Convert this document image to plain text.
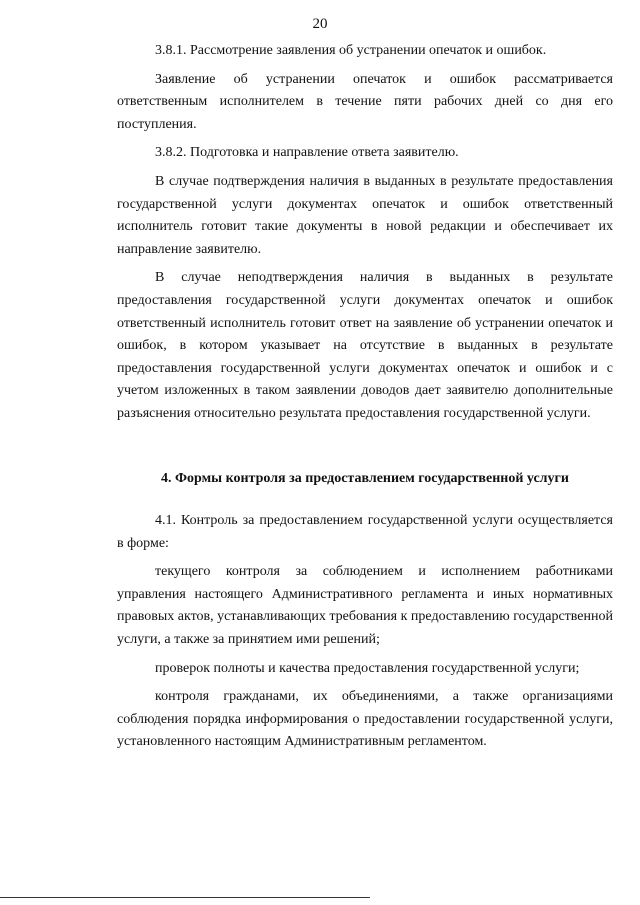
20

3.8.1. Рассмотрение заявления об устранении опечаток и ошибок.

Заявление об устранении опечаток и ошибок рассматривается ответственным исполнителем в течение пяти рабочих дней со дня его поступления.

3.8.2. Подготовка и направление ответа заявителю.

В случае подтверждения наличия в выданных в результате предоставления государственной услуги документах опечаток и ошибок ответственный исполнитель готовит такие документы в новой редакции и обеспечивает их направление заявителю.

В случае неподтверждения наличия в выданных в результате предоставления государственной услуги документах опечаток и ошибок ответственный исполнитель готовит ответ на заявление об устранении опечаток и ошибок, в котором указывает на отсутствие в выданных в результате предоставления государственной услуги документах опечаток и ошибок и с учетом изложенных в таком заявлении доводов дает заявителю дополнительные разъяснения относительно результата предоставления государственной услуги.

4. Формы контроля за предоставлением государственной услуги

4.1. Контроль за предоставлением государственной услуги осуществляется в форме:

текущего контроля за соблюдением и исполнением работниками управления настоящего Административного регламента и иных нормативных правовых актов, устанавливающих требования к предоставлению государственной услуги, а также за принятием ими решений;

проверок полноты и качества предоставления государственной услуги;

контроля гражданами, их объединениями, а также организациями соблюдения порядка информирования о предоставлении государственной услуги, установленного настоящим Административным регламентом.
